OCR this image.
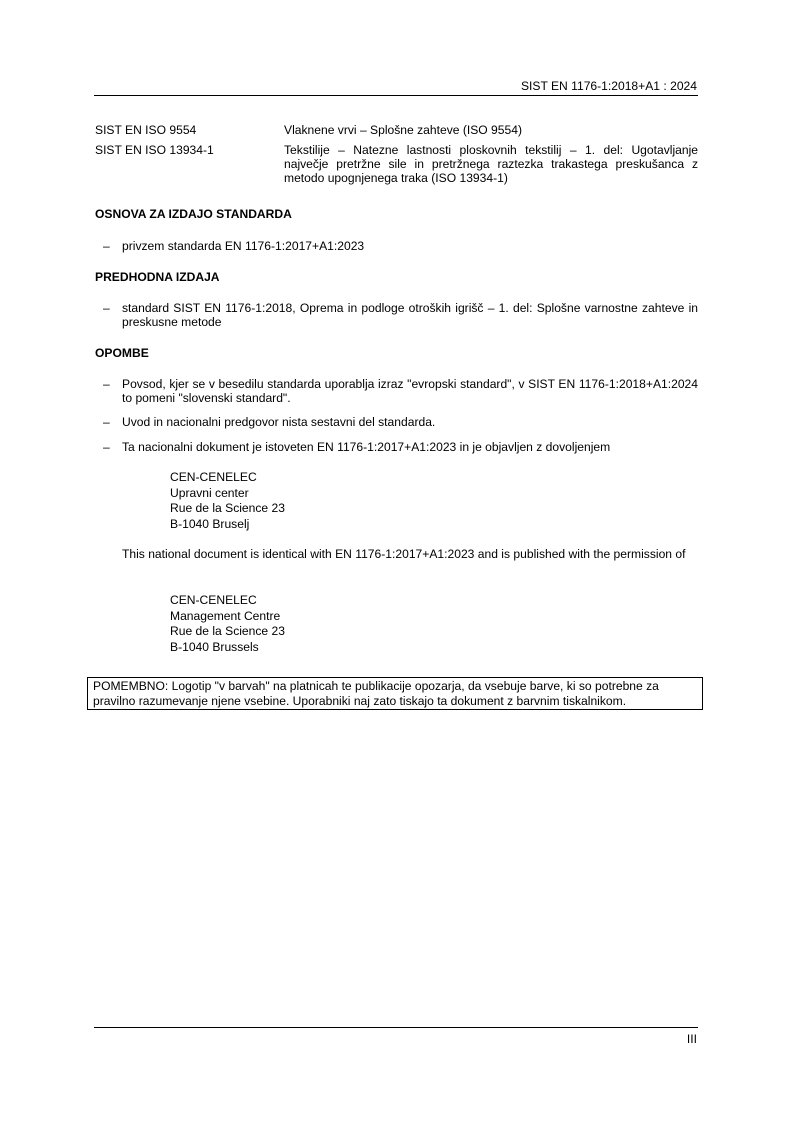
SIST EN 1176-1:2018+A1 : 2024
SIST EN ISO 9554	Vlaknene vrvi – Splošne zahteve (ISO 9554)
SIST EN ISO 13934-1	Tekstilije – Natezne lastnosti ploskovnih tekstilij – 1. del: Ugotavljanje največje pretržne sile in pretržnega raztezka trakastega preskušanca z metodo upognjenega traka (ISO 13934-1)
OSNOVA ZA IZDAJO STANDARDA
–	privzem standarda EN 1176-1:2017+A1:2023
PREDHODNA IZDAJA
–	standard SIST EN 1176-1:2018, Oprema in podloge otroških igrišč – 1. del: Splošne varnostne zahteve in preskusne metode
OPOMBE
–	Povsod, kjer se v besedilu standarda uporablja izraz "evropski standard", v SIST EN 1176-1:2018+A1:2024 to pomeni "slovenski standard".
–	Uvod in nacionalni predgovor nista sestavni del standarda.
–	Ta nacionalni dokument je istoveten EN 1176-1:2017+A1:2023 in je objavljen z dovoljenjem
CEN-CENELEC
Upravni center
Rue de la Science 23
B-1040 Bruselj
This national document is identical with EN 1176-1:2017+A1:2023 and is published with the permission of
CEN-CENELEC
Management Centre
Rue de la Science 23
B-1040 Brussels
POMEMBNO: Logotip "v barvah" na platnicah te publikacije opozarja, da vsebuje barve, ki so potrebne za pravilno razumevanje njene vsebine. Uporabniki naj zato tiskajo ta dokument z barvnim tiskalnikom.
III
